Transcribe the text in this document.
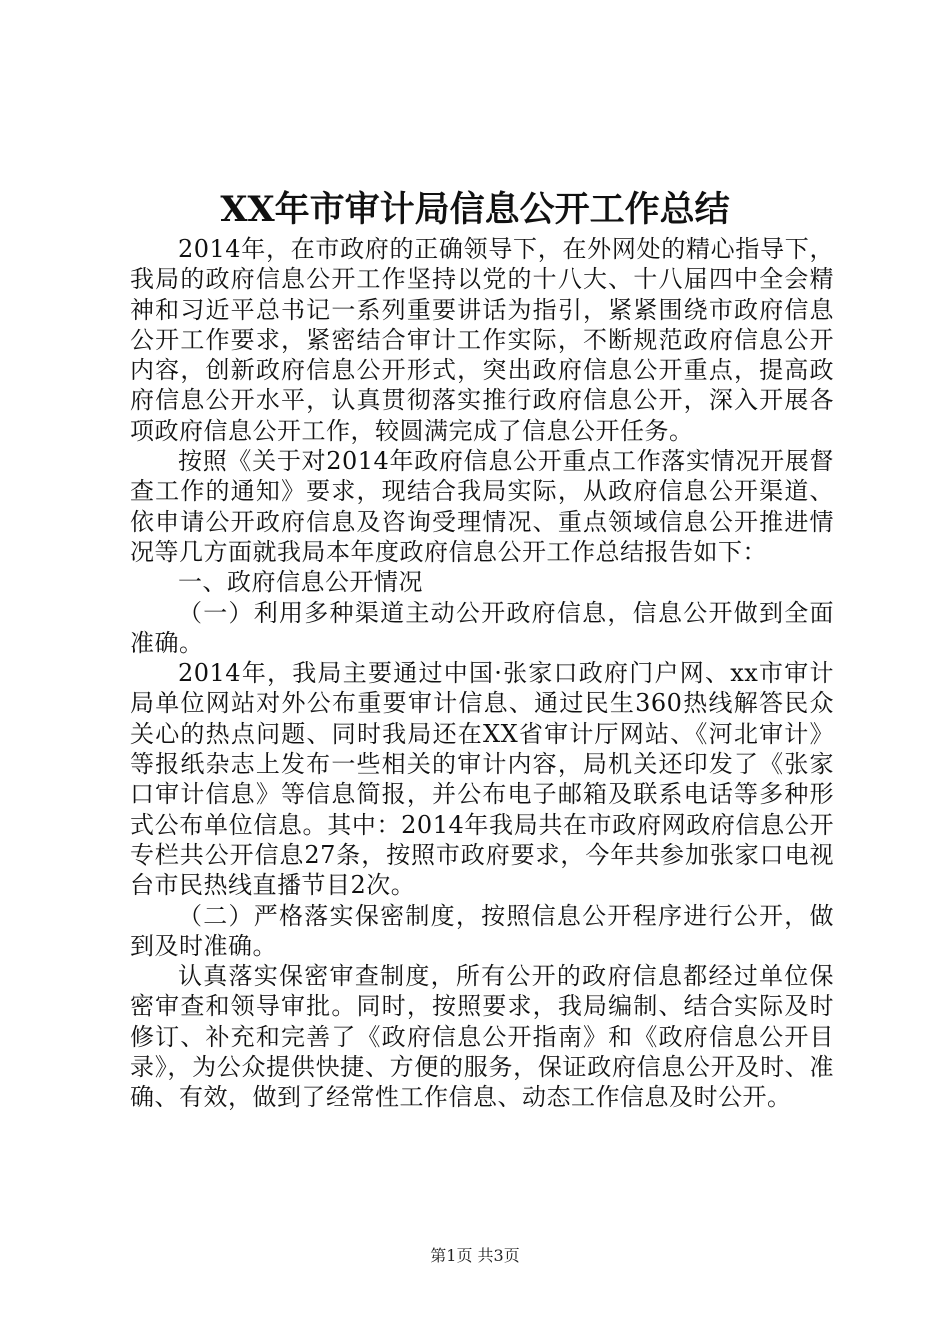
XX年市审计局信息公开工作总结

2014年，在市政府的正确领导下，在外网处的精心指导下，我局的政府信息公开工作坚持以党的十八大、十八届四中全会精神和习近平总书记一系列重要讲话为指引，紧紧围绕市政府信息公开工作要求，紧密结合审计工作实际，不断规范政府信息公开内容，创新政府信息公开形式，突出政府信息公开重点，提高政府信息公开水平，认真贯彻落实推行政府信息公开，深入开展各项政府信息公开工作，较圆满完成了信息公开任务。

按照《关于对2014年政府信息公开重点工作落实情况开展督查工作的通知》要求，现结合我局实际，从政府信息公开渠道、依申请公开政府信息及咨询受理情况、重点领域信息公开推进情况等几方面就我局本年度政府信息公开工作总结报告如下：

一、政府信息公开情况

（一）利用多种渠道主动公开政府信息，信息公开做到全面准确。

2014年，我局主要通过中国·张家口政府门户网、xx市审计局单位网站对外公布重要审计信息、通过民生360热线解答民众关心的热点问题、同时我局还在XX省审计厅网站、《河北审计》等报纸杂志上发布一些相关的审计内容，局机关还印发了《张家口审计信息》等信息简报，并公布电子邮箱及联系电话等多种形式公布单位信息。其中：2014年我局共在市政府网政府信息公开专栏共公开信息27条，按照市政府要求，今年共参加张家口电视台市民热线直播节目2次。

（二）严格落实保密制度，按照信息公开程序进行公开，做到及时准确。

认真落实保密审查制度，所有公开的政府信息都经过单位保密审查和领导审批。同时，按照要求，我局编制、结合实际及时修订、补充和完善了《政府信息公开指南》和《政府信息公开目录》，为公众提供快捷、方便的服务，保证政府信息公开及时、准确、有效，做到了经常性工作信息、动态工作信息及时公开。

第1页 共3页
